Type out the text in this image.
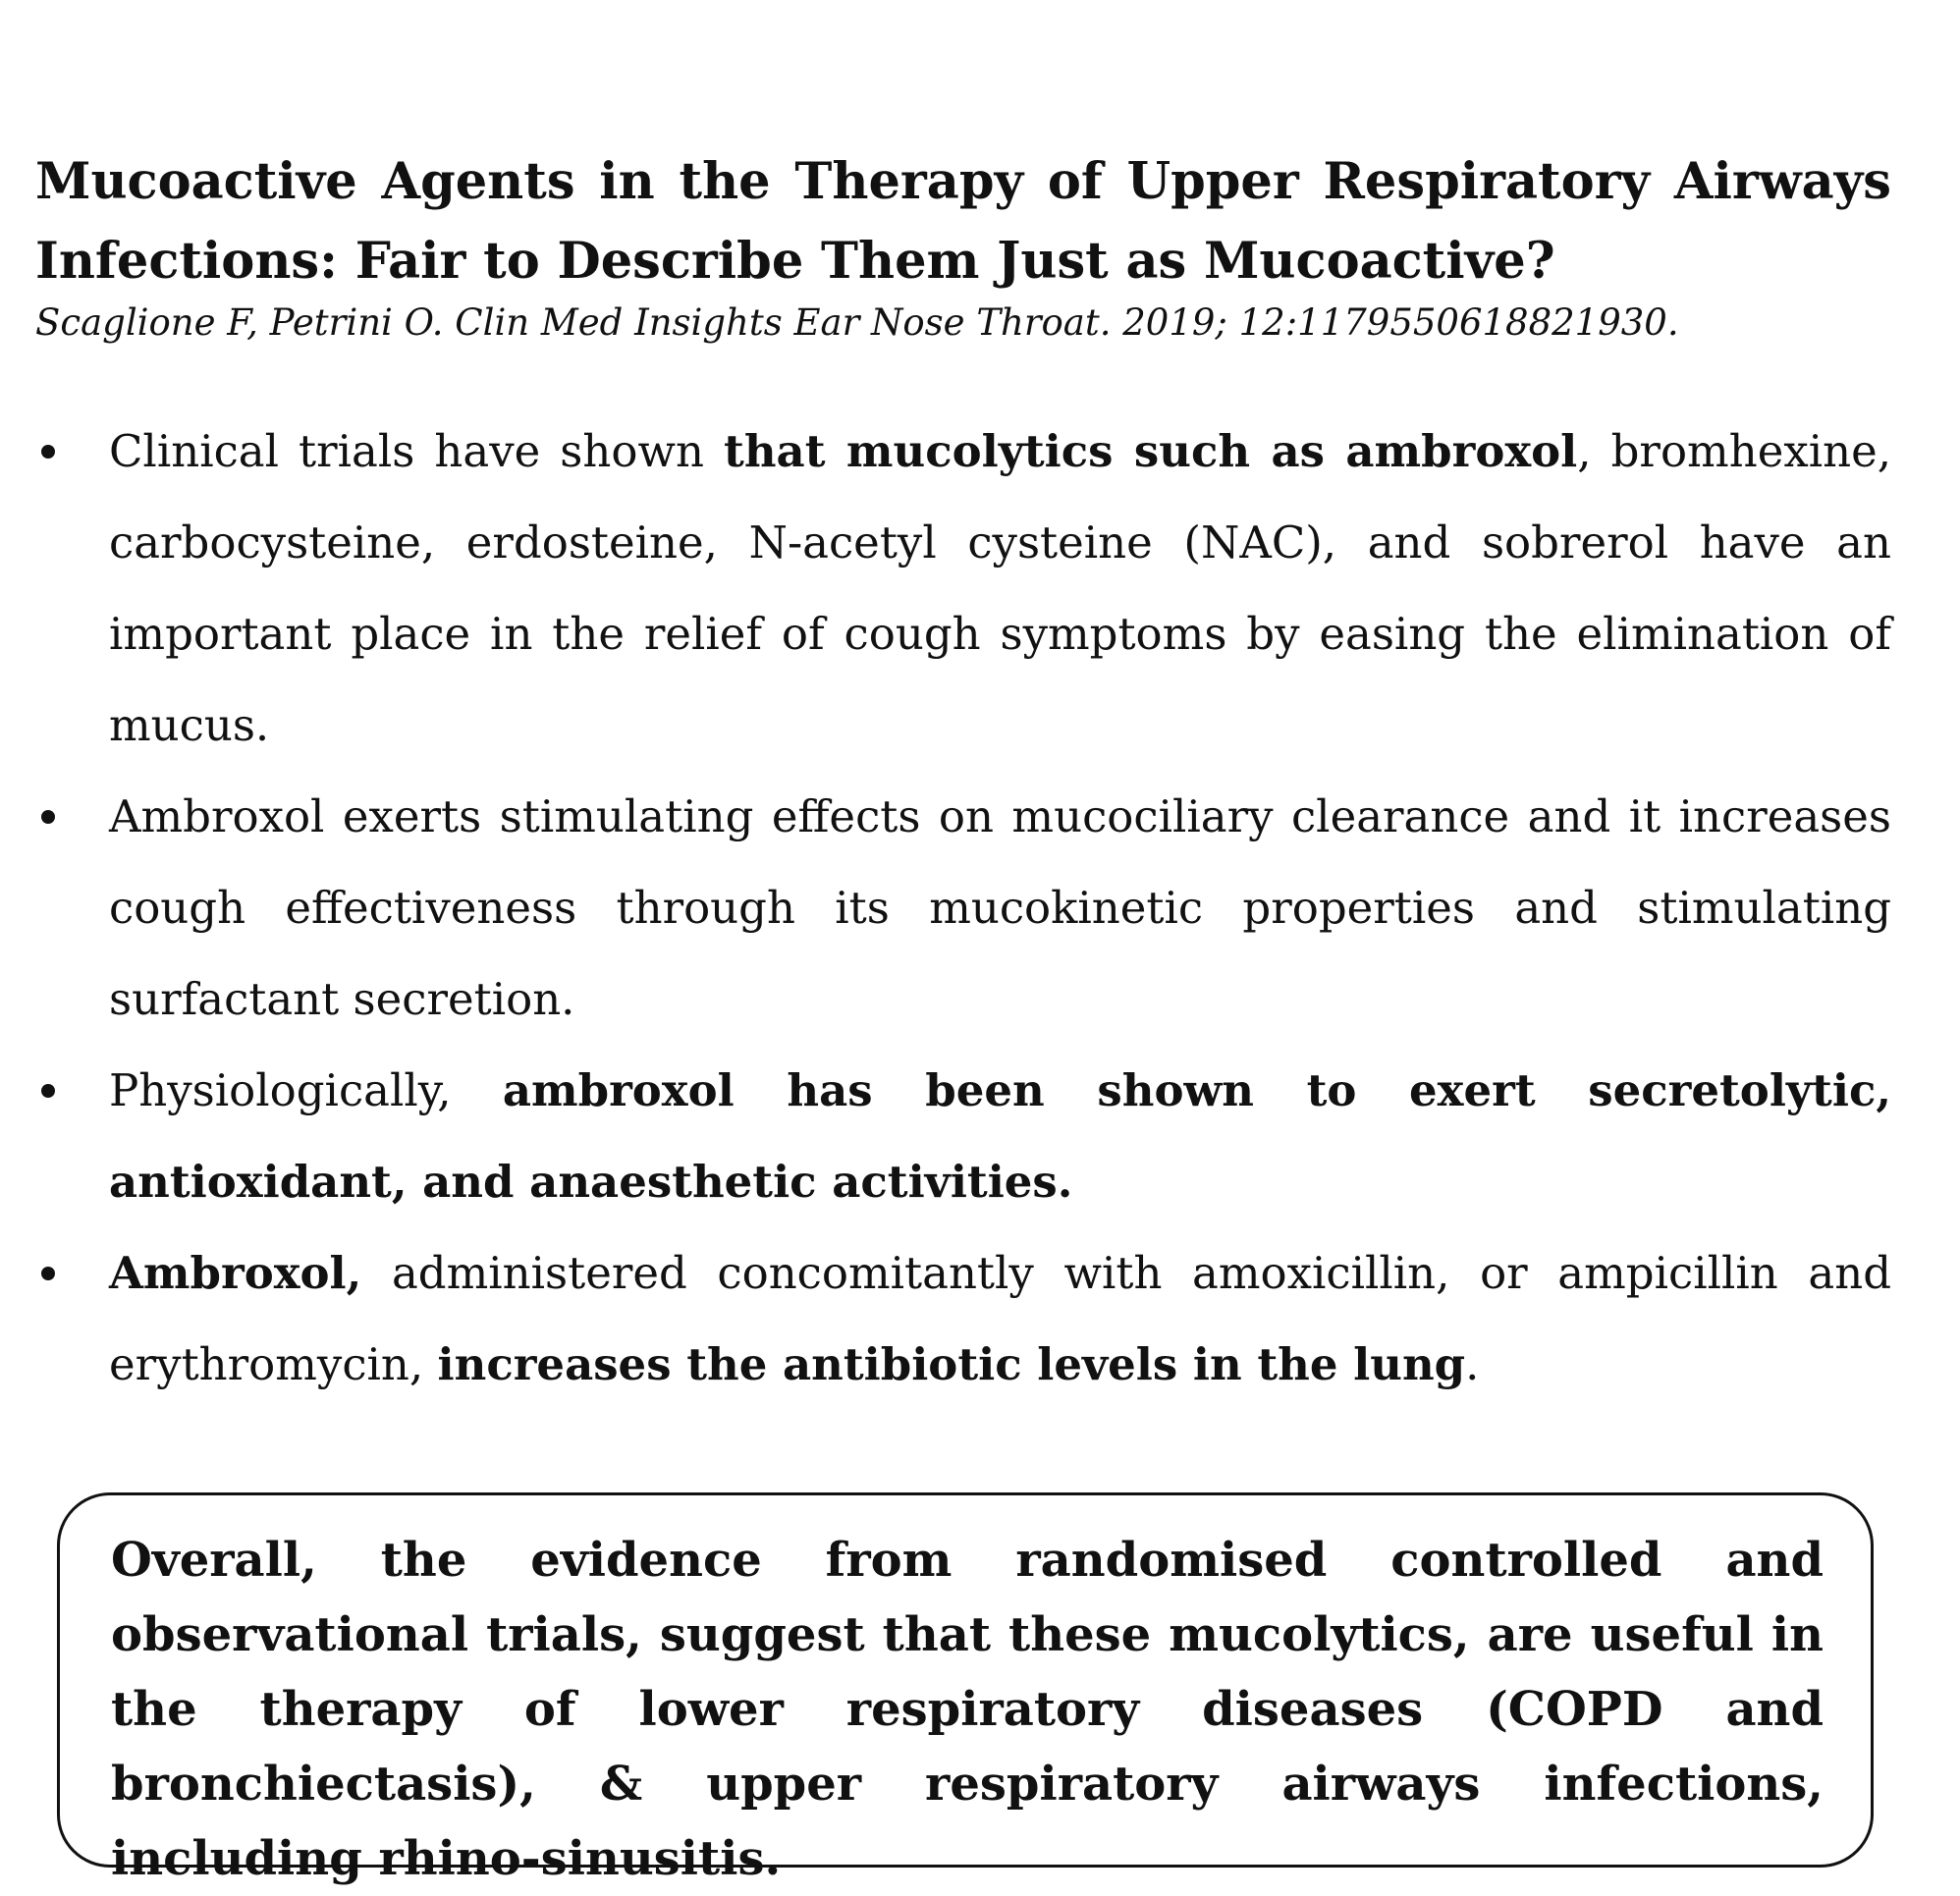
Mucoactive Agents in the Therapy of Upper Respiratory Airways Infections: Fair to Describe Them Just as Mucoactive?

Scaglione F, Petrini O. Clin Med Insights Ear Nose Throat. 2019; 12:1179550618821930.

Clinical trials have shown that mucolytics such as ambroxol, bromhexine, carbocysteine, erdosteine, N-acetyl cysteine (NAC), and sobrerol have an important place in the relief of cough symptoms by easing the elimination of mucus.
Ambroxol exerts stimulating effects on mucociliary clearance and it increases cough effectiveness through its mucokinetic properties and stimulating surfactant secretion.
Physiologically, ambroxol has been shown to exert secretolytic, antioxidant, and anaesthetic activities.
Ambroxol, administered concomitantly with amoxicillin, or ampicillin and erythromycin, increases the antibiotic levels in the lung.

Overall, the evidence from randomised controlled and observational trials, suggest that these mucolytics, are useful in the therapy of lower respiratory diseases (COPD and bronchiectasis), & upper respiratory airways infections, including rhino-sinusitis.
